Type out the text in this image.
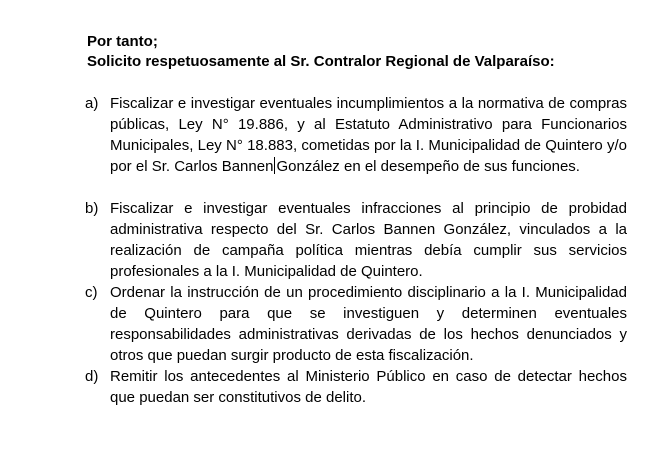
Por tanto;
Solicito respetuosamente al Sr. Contralor Regional de Valparaíso:
a) Fiscalizar e investigar eventuales incumplimientos a la normativa de compras públicas, Ley N° 19.886, y al Estatuto Administrativo para Funcionarios Municipales, Ley N° 18.883, cometidas por la I. Municipalidad de Quintero y/o por el Sr. Carlos Bannen González en el desempeño de sus funciones.
b) Fiscalizar e investigar eventuales infracciones al principio de probidad administrativa respecto del Sr. Carlos Bannen González, vinculados a la realización de campaña política mientras debía cumplir sus servicios profesionales a la I. Municipalidad de Quintero.
c) Ordenar la instrucción de un procedimiento disciplinario a la I. Municipalidad de Quintero para que se investiguen y determinen eventuales responsabilidades administrativas derivadas de los hechos denunciados y otros que puedan surgir producto de esta fiscalización.
d) Remitir los antecedentes al Ministerio Público en caso de detectar hechos que puedan ser constitutivos de delito.
